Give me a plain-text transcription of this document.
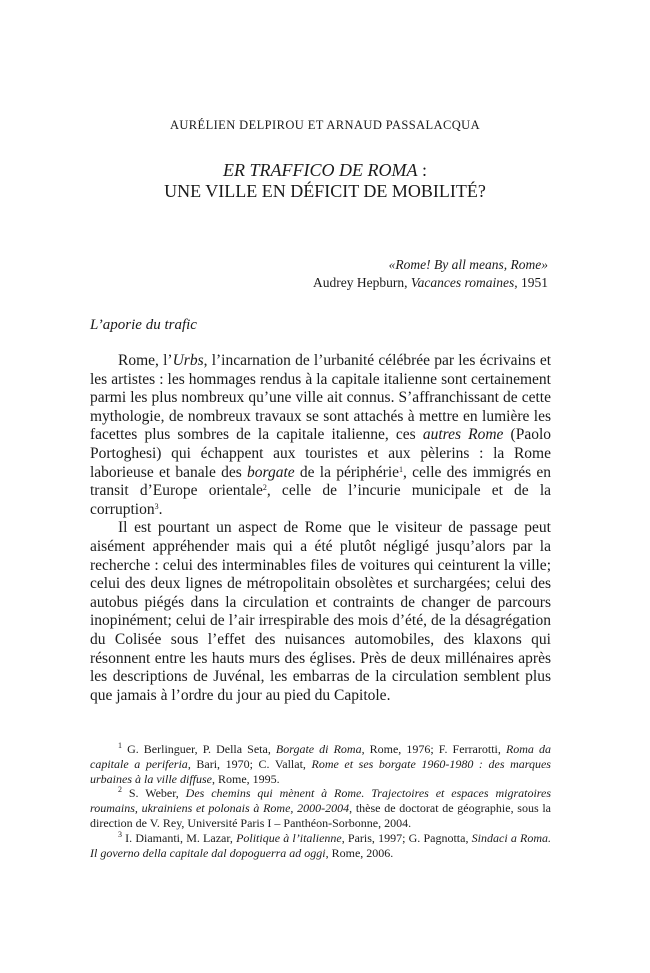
AURÉLIEN DELPIROU ET ARNAUD PASSALACQUA
ER TRAFFICO DE ROMA :
UNE VILLE EN DÉFICIT DE MOBILITÉ?
«Rome! By all means, Rome»
Audrey Hepburn, Vacances romaines, 1951
L’aporie du trafic

Rome, l’Urbs, l’incarnation de l’urbanité célébrée par les écrivains et les artistes : les hommages rendus à la capitale italienne sont certainement parmi les plus nombreux qu’une ville ait connus. S’affranchissant de cette mythologie, de nombreux travaux se sont attachés à mettre en lumière les facettes plus sombres de la capitale italienne, ces autres Rome (Paolo Portoghesi) qui échappent aux touristes et aux pèlerins : la Rome laborieuse et banale des borgate de la périphérie$^1$, celle des immigrés en transit d’Europe orientale$^2$, celle de l’incurie municipale et de la corruption$^3$.

Il est pourtant un aspect de Rome que le visiteur de passage peut aisément appréhender mais qui a été plutôt négligé jusqu’alors par la recherche : celui des interminables files de voitures qui ceinturent la ville; celui des deux lignes de métropolitain obsolètes et surchargées; celui des autobus piégés dans la circulation et contraints de changer de parcours inopinément; celui de l’air irrespirable des mois d’été, de la désagrégation du Colisée sous l’effet des nuisances automobiles, des klaxons qui résonnent entre les hauts murs des églises. Près de deux millénaires après les descriptions de Juvénal, les embarras de la circulation semblent plus que jamais à l’ordre du jour au pied du Capitole.

$^1$ G. Berlinguer, P. Della Seta, Borgate di Roma, Rome, 1976; F. Ferrarotti, Roma da capitale a periferia, Bari, 1970; C. Vallat, Rome et ses borgate 1960-1980 : des marques urbaines à la ville diffuse, Rome, 1995.

$^2$ S. Weber, Des chemins qui mènent à Rome. Trajectoires et espaces migratoires roumains, ukrainiens et polonais à Rome, 2000-2004, thèse de doctorat de géographie, sous la direction de V. Rey, Université Paris I – Panthéon-Sorbonne, 2004.

$^3$ I. Diamanti, M. Lazar, Politique à l’italienne, Paris, 1997; G. Pagnotta, Sindaci a Roma. Il governo della capitale dal dopoguerra ad oggi, Rome, 2006.
